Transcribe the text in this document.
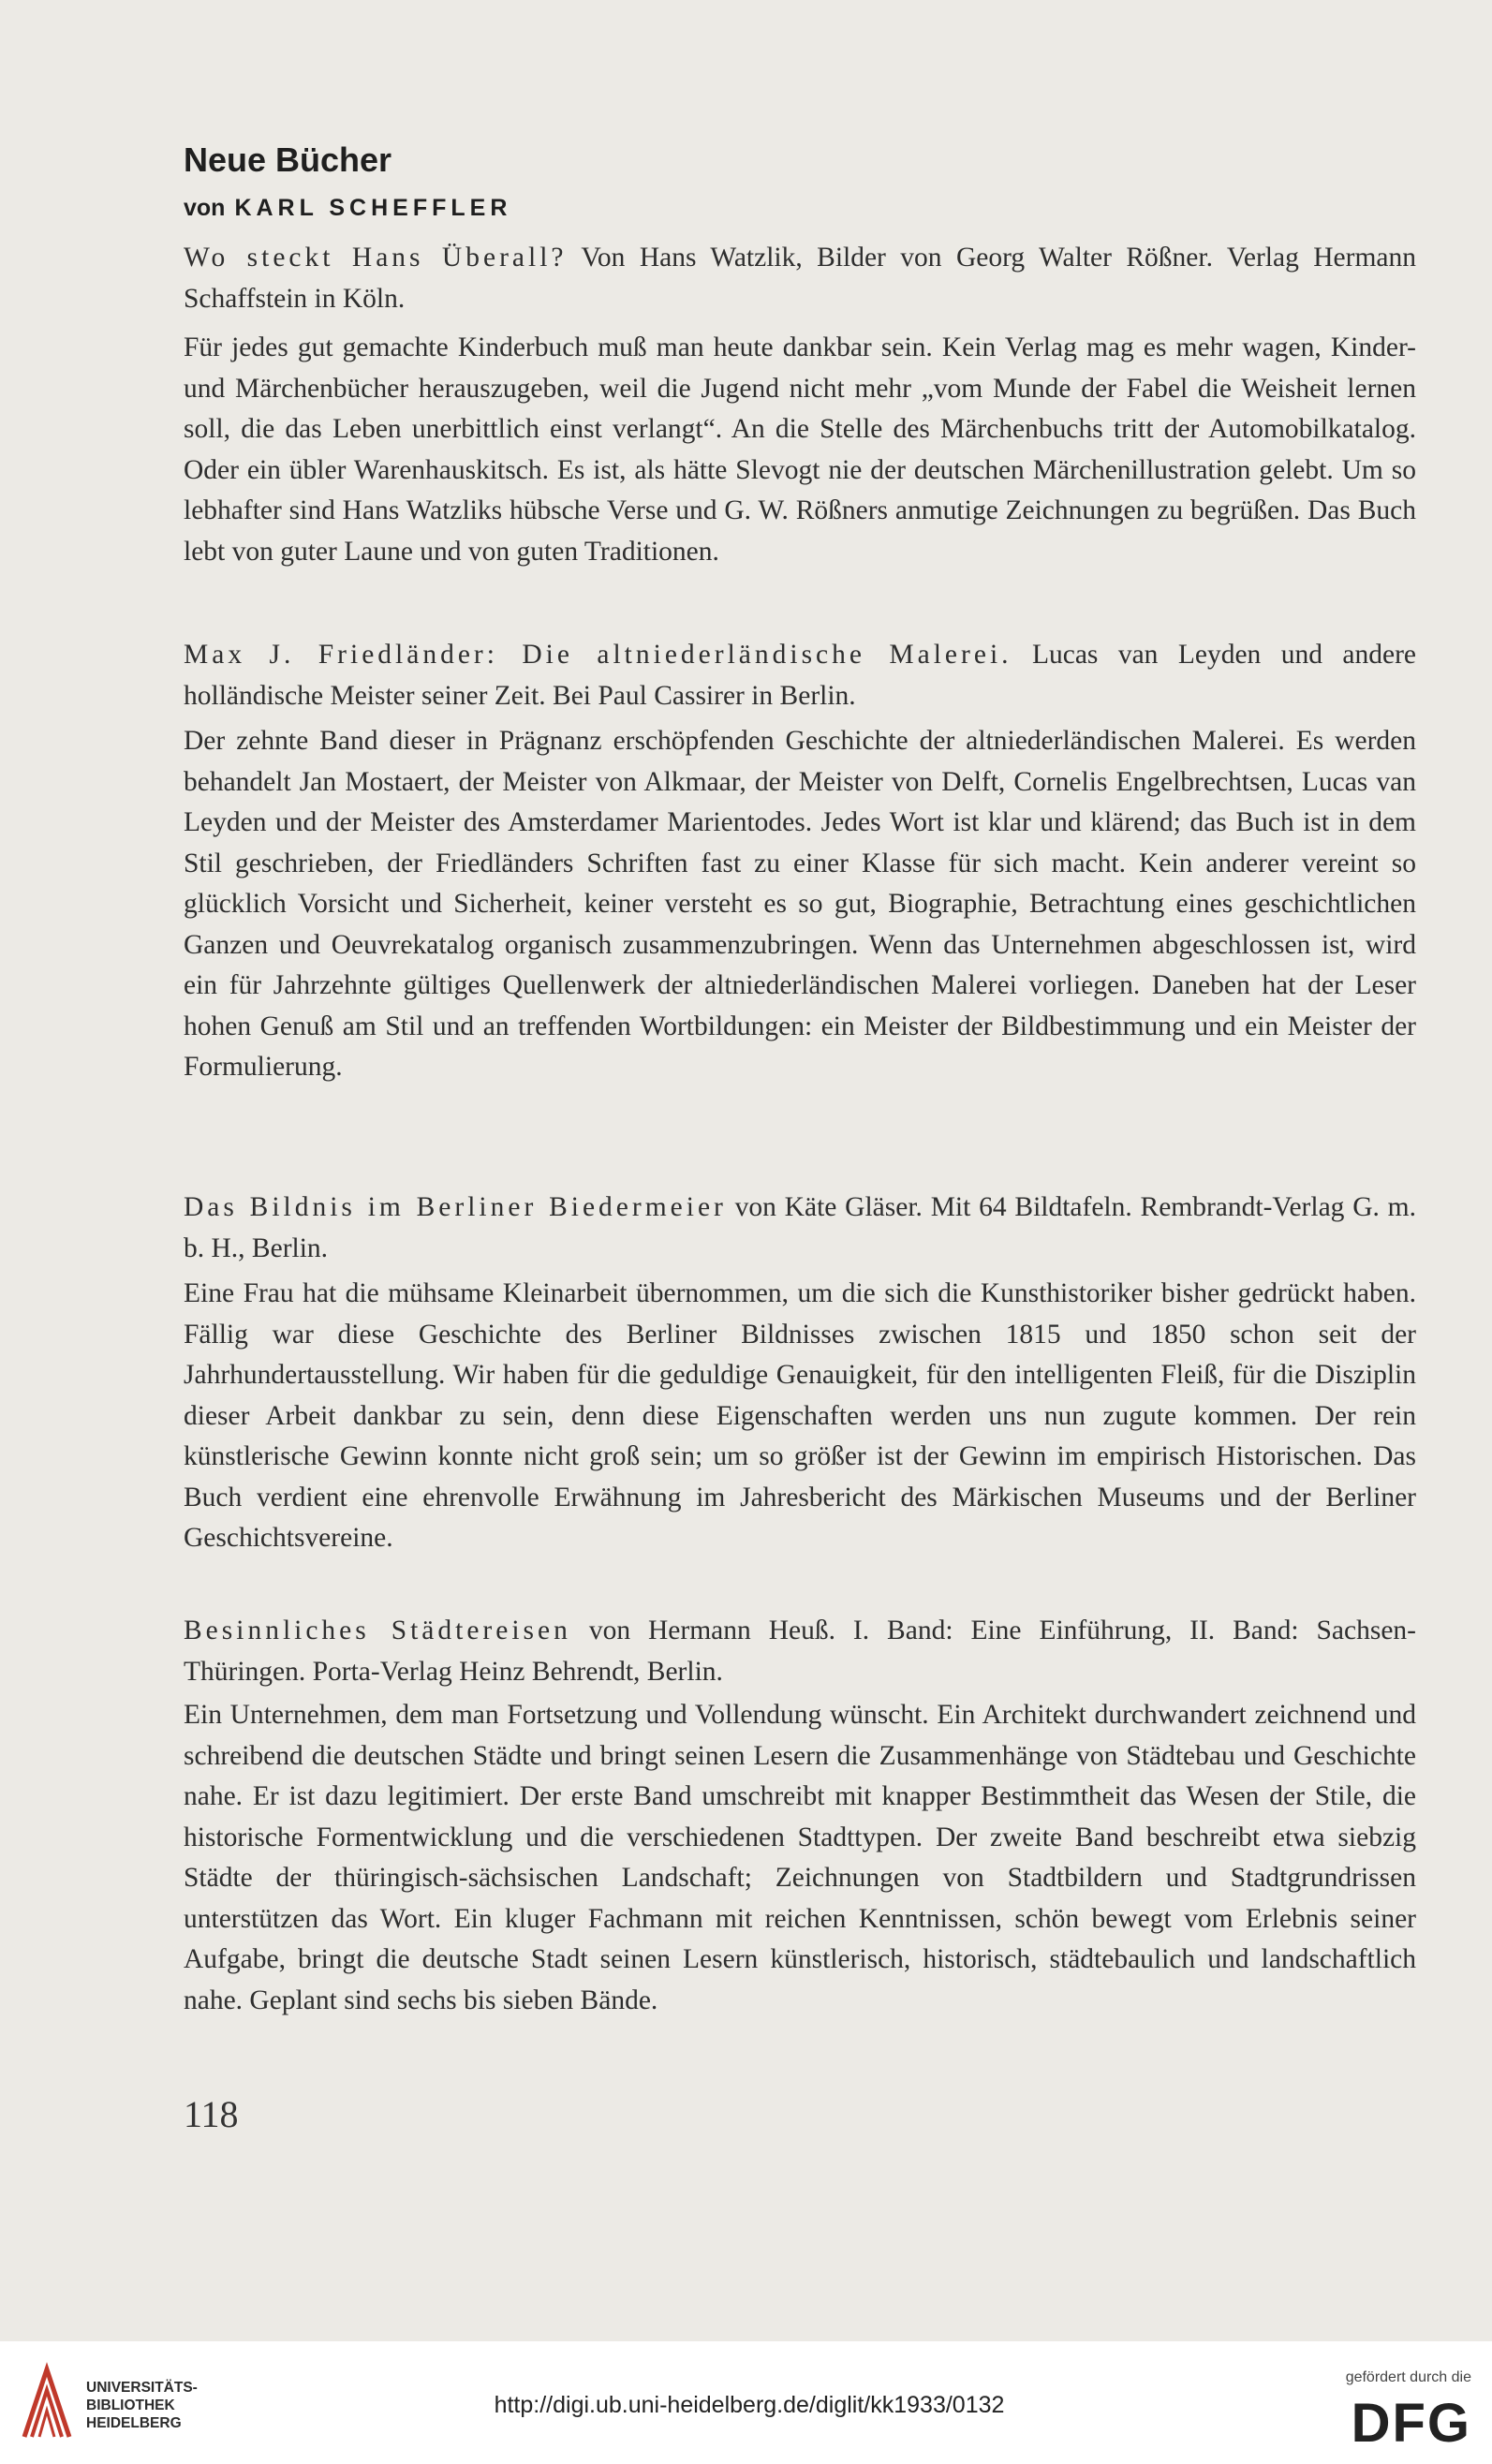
Neue Bücher
von KARL SCHEFFLER
Wo steckt Hans Überall? Von Hans Watzlik, Bilder von Georg Walter Rößner. Verlag Hermann Schaffstein in Köln.
Für jedes gut gemachte Kinderbuch muß man heute dankbar sein. Kein Verlag mag es mehr wagen, Kinder- und Märchenbücher herauszugeben, weil die Jugend nicht mehr „vom Munde der Fabel die Weisheit lernen soll, die das Leben unerbittlich einst verlangt“. An die Stelle des Märchenbuchs tritt der Automobilkatalog. Oder ein übler Warenhauskitsch. Es ist, als hätte Slevogt nie der deutschen Märchenillustration gelebt. Um so lebhafter sind Hans Watzliks hübsche Verse und G. W. Rößners anmutige Zeichnungen zu begrüßen. Das Buch lebt von guter Laune und von guten Traditionen.
Max J. Friedländer: Die altniederländische Malerei. Lucas van Leyden und andere holländische Meister seiner Zeit. Bei Paul Cassirer in Berlin.
Der zehnte Band dieser in Prägnanz erschöpfenden Geschichte der altniederländischen Malerei. Es werden behandelt Jan Mostaert, der Meister von Alkmaar, der Meister von Delft, Cornelis Engelbrechtsen, Lucas van Leyden und der Meister des Amsterdamer Marientodes. Jedes Wort ist klar und klärend; das Buch ist in dem Stil geschrieben, der Friedländers Schriften fast zu einer Klasse für sich macht. Kein anderer vereint so glücklich Vorsicht und Sicherheit, keiner versteht es so gut, Biographie, Betrachtung eines geschichtlichen Ganzen und Oeuvrekatalog organisch zusammenzubringen. Wenn das Unternehmen abgeschlossen ist, wird ein für Jahrzehnte gültiges Quellenwerk der altniederländischen Malerei vorliegen. Daneben hat der Leser hohen Genuß am Stil und an treffenden Wortbildungen: ein Meister der Bildbestimmung und ein Meister der Formulierung.
Das Bildnis im Berliner Biedermeier von Käte Gläser. Mit 64 Bildtafeln. Rembrandt-Verlag G. m. b. H., Berlin.
Eine Frau hat die mühsame Kleinarbeit übernommen, um die sich die Kunsthistoriker bisher gedrückt haben. Fällig war diese Geschichte des Berliner Bildnisses zwischen 1815 und 1850 schon seit der Jahrhundertausstellung. Wir haben für die geduldige Genauigkeit, für den intelligenten Fleiß, für die Disziplin dieser Arbeit dankbar zu sein, denn diese Eigenschaften werden uns nun zugute kommen. Der rein künstlerische Gewinn konnte nicht groß sein; um so größer ist der Gewinn im empirisch Historischen. Das Buch verdient eine ehrenvolle Erwähnung im Jahresbericht des Märkischen Museums und der Berliner Geschichtsvereine.
Besinnliches Städtereisen von Hermann Heuß. I. Band: Eine Einführung, II. Band: Sachsen-Thüringen. Porta-Verlag Heinz Behrendt, Berlin.
Ein Unternehmen, dem man Fortsetzung und Vollendung wünscht. Ein Architekt durchwandert zeichnend und schreibend die deutschen Städte und bringt seinen Lesern die Zusammenhänge von Städtebau und Geschichte nahe. Er ist dazu legitimiert. Der erste Band umschreibt mit knapper Bestimmtheit das Wesen der Stile, die historische Formentwicklung und die verschiedenen Stadttypen. Der zweite Band beschreibt etwa siebzig Städte der thüringisch-sächsischen Landschaft; Zeichnungen von Stadtbildern und Stadtgrundrissen unterstützen das Wort. Ein kluger Fachmann mit reichen Kenntnissen, schön bewegt vom Erlebnis seiner Aufgabe, bringt die deutsche Stadt seinen Lesern künstlerisch, historisch, städtebaulich und landschaftlich nahe. Geplant sind sechs bis sieben Bände.
118
UNIVERSITÄTS-
BIBLIOTHEK
HEIDELBERG
http://digi.ub.uni-heidelberg.de/diglit/kk1933/0132
gefördert durch die
DFG
